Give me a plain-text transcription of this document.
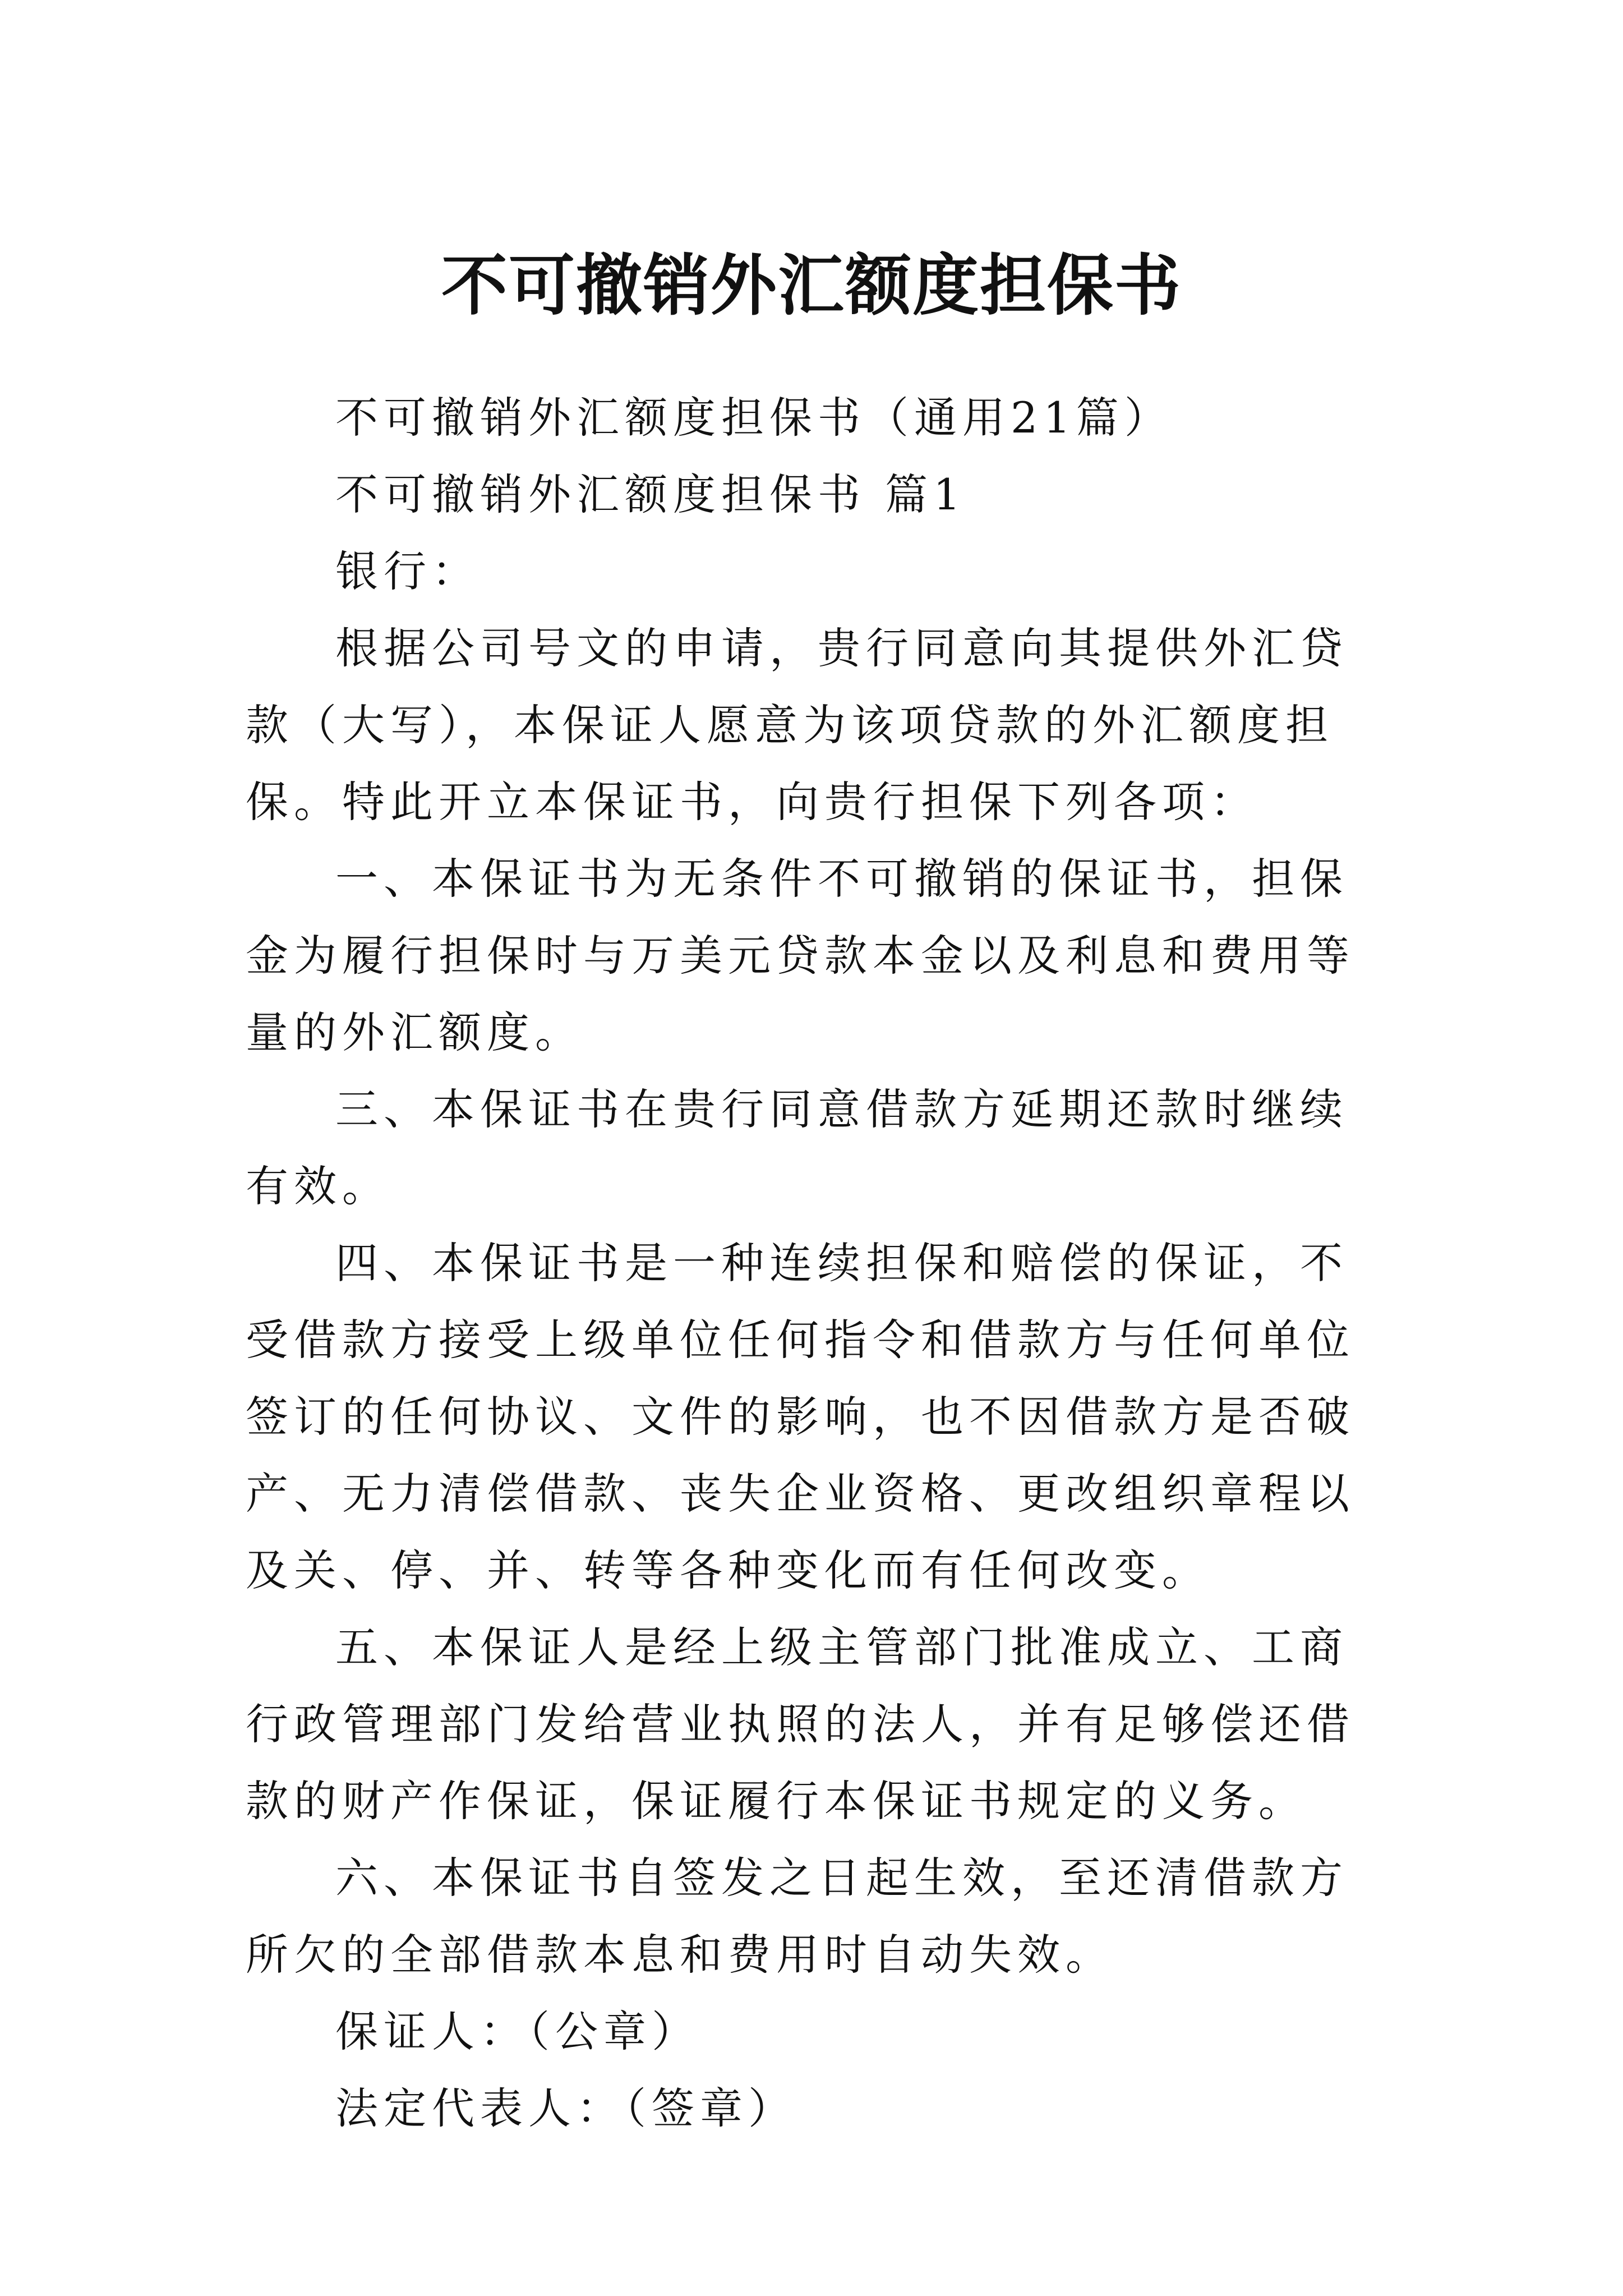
不可撤销外汇额度担保书

不可撤销外汇额度担保书（通用21篇）

不可撤销外汇额度担保书 篇1

银行：

根据公司号文的申请，贵行同意向其提供外汇贷款（大写），本保证人愿意为该项贷款的外汇额度担保。特此开立本保证书，向贵行担保下列各项：

一、本保证书为无条件不可撤销的保证书，担保金为履行担保时与万美元贷款本金以及利息和费用等量的外汇额度。

三、本保证书在贵行同意借款方延期还款时继续有效。

四、本保证书是一种连续担保和赔偿的保证，不受借款方接受上级单位任何指令和借款方与任何单位签订的任何协议、文件的影响，也不因借款方是否破产、无力清偿借款、丧失企业资格、更改组织章程以及关、停、并、转等各种变化而有任何改变。

五、本保证人是经上级主管部门批准成立、工商行政管理部门发给营业执照的法人，并有足够偿还借款的财产作保证，保证履行本保证书规定的义务。

六、本保证书自签发之日起生效，至还清借款方所欠的全部借款本息和费用时自动失效。

保证人：（公章）

法定代表人：（签章）
